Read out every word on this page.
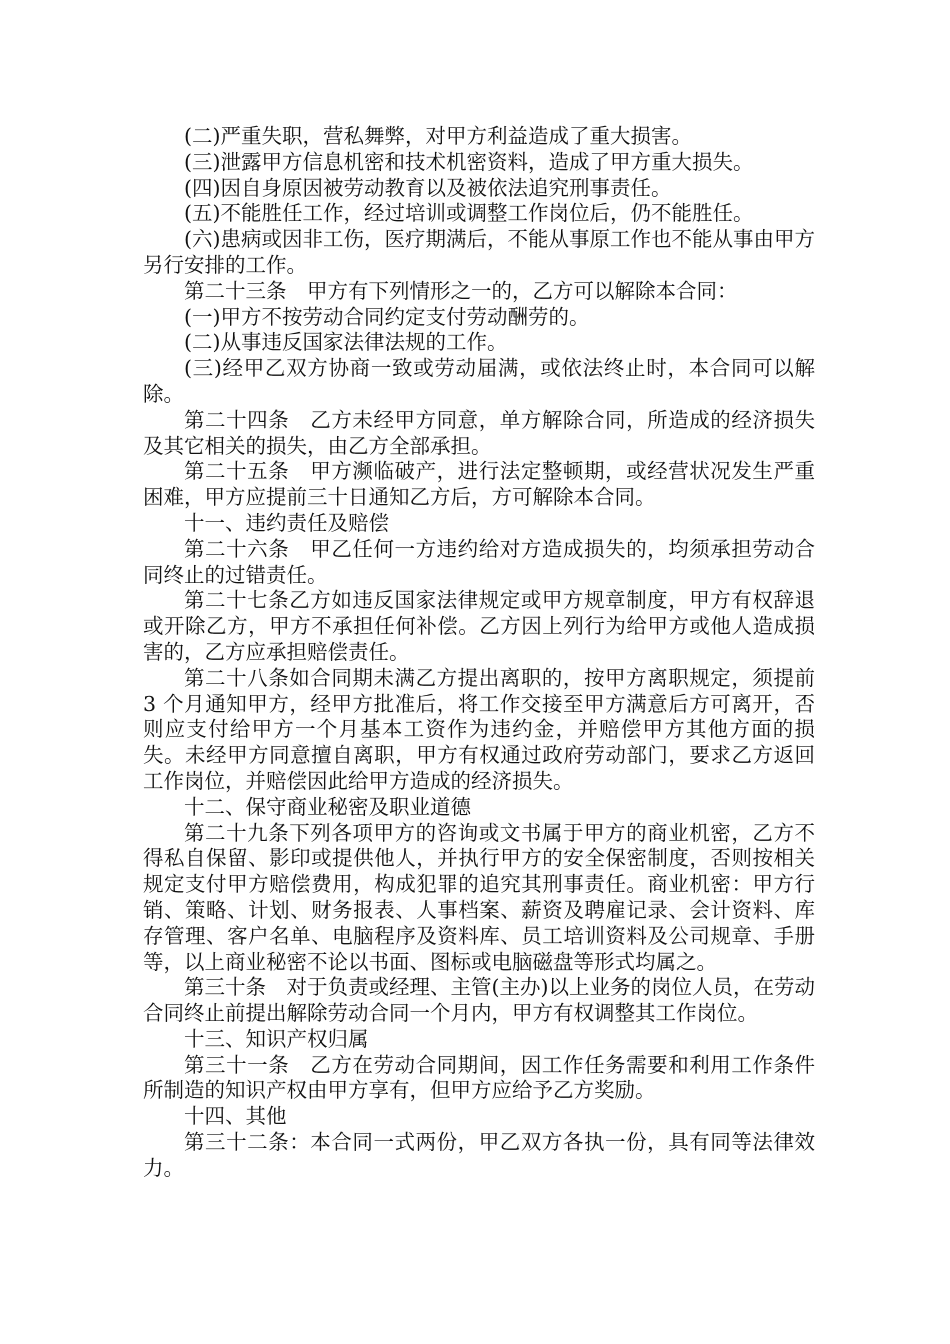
(二)严重失职，营私舞弊，对甲方利益造成了重大损害。

(三)泄露甲方信息机密和技术机密资料，造成了甲方重大损失。

(四)因自身原因被劳动教育以及被依法追究刑事责任。

(五)不能胜任工作，经过培训或调整工作岗位后，仍不能胜任。

(六)患病或因非工伤，医疗期满后，不能从事原工作也不能从事由甲方另行安排的工作。

第二十三条　甲方有下列情形之一的，乙方可以解除本合同：

(一)甲方不按劳动合同约定支付劳动酬劳的。

(二)从事违反国家法律法规的工作。

(三)经甲乙双方协商一致或劳动届满，或依法终止时，本合同可以解除。

第二十四条　乙方未经甲方同意，单方解除合同，所造成的经济损失及其它相关的损失，由乙方全部承担。

第二十五条　甲方濒临破产，进行法定整顿期，或经营状况发生严重困难，甲方应提前三十日通知乙方后，方可解除本合同。

十一、违约责任及赔偿

第二十六条　甲乙任何一方违约给对方造成损失的，均须承担劳动合同终止的过错责任。

第二十七条乙方如违反国家法律规定或甲方规章制度，甲方有权辞退或开除乙方，甲方不承担任何补偿。乙方因上列行为给甲方或他人造成损害的，乙方应承担赔偿责任。

第二十八条如合同期未满乙方提出离职的，按甲方离职规定，须提前 3 个月通知甲方，经甲方批准后，将工作交接至甲方满意后方可离开，否则应支付给甲方一个月基本工资作为违约金，并赔偿甲方其他方面的损失。未经甲方同意擅自离职，甲方有权通过政府劳动部门，要求乙方返回工作岗位，并赔偿因此给甲方造成的经济损失。

十二、保守商业秘密及职业道德

第二十九条下列各项甲方的咨询或文书属于甲方的商业机密，乙方不得私自保留、影印或提供他人，并执行甲方的安全保密制度，否则按相关规定支付甲方赔偿费用，构成犯罪的追究其刑事责任。商业机密：甲方行销、策略、计划、财务报表、人事档案、薪资及聘雇记录、会计资料、库存管理、客户名单、电脑程序及资料库、员工培训资料及公司规章、手册等，以上商业秘密不论以书面、图标或电脑磁盘等形式均属之。

第三十条　对于负责或经理、主管(主办)以上业务的岗位人员，在劳动合同终止前提出解除劳动合同一个月内，甲方有权调整其工作岗位。

十三、知识产权归属

第三十一条　乙方在劳动合同期间，因工作任务需要和利用工作条件所制造的知识产权由甲方享有，但甲方应给予乙方奖励。

十四、其他

第三十二条：本合同一式两份，甲乙双方各执一份，具有同等法律效力。
